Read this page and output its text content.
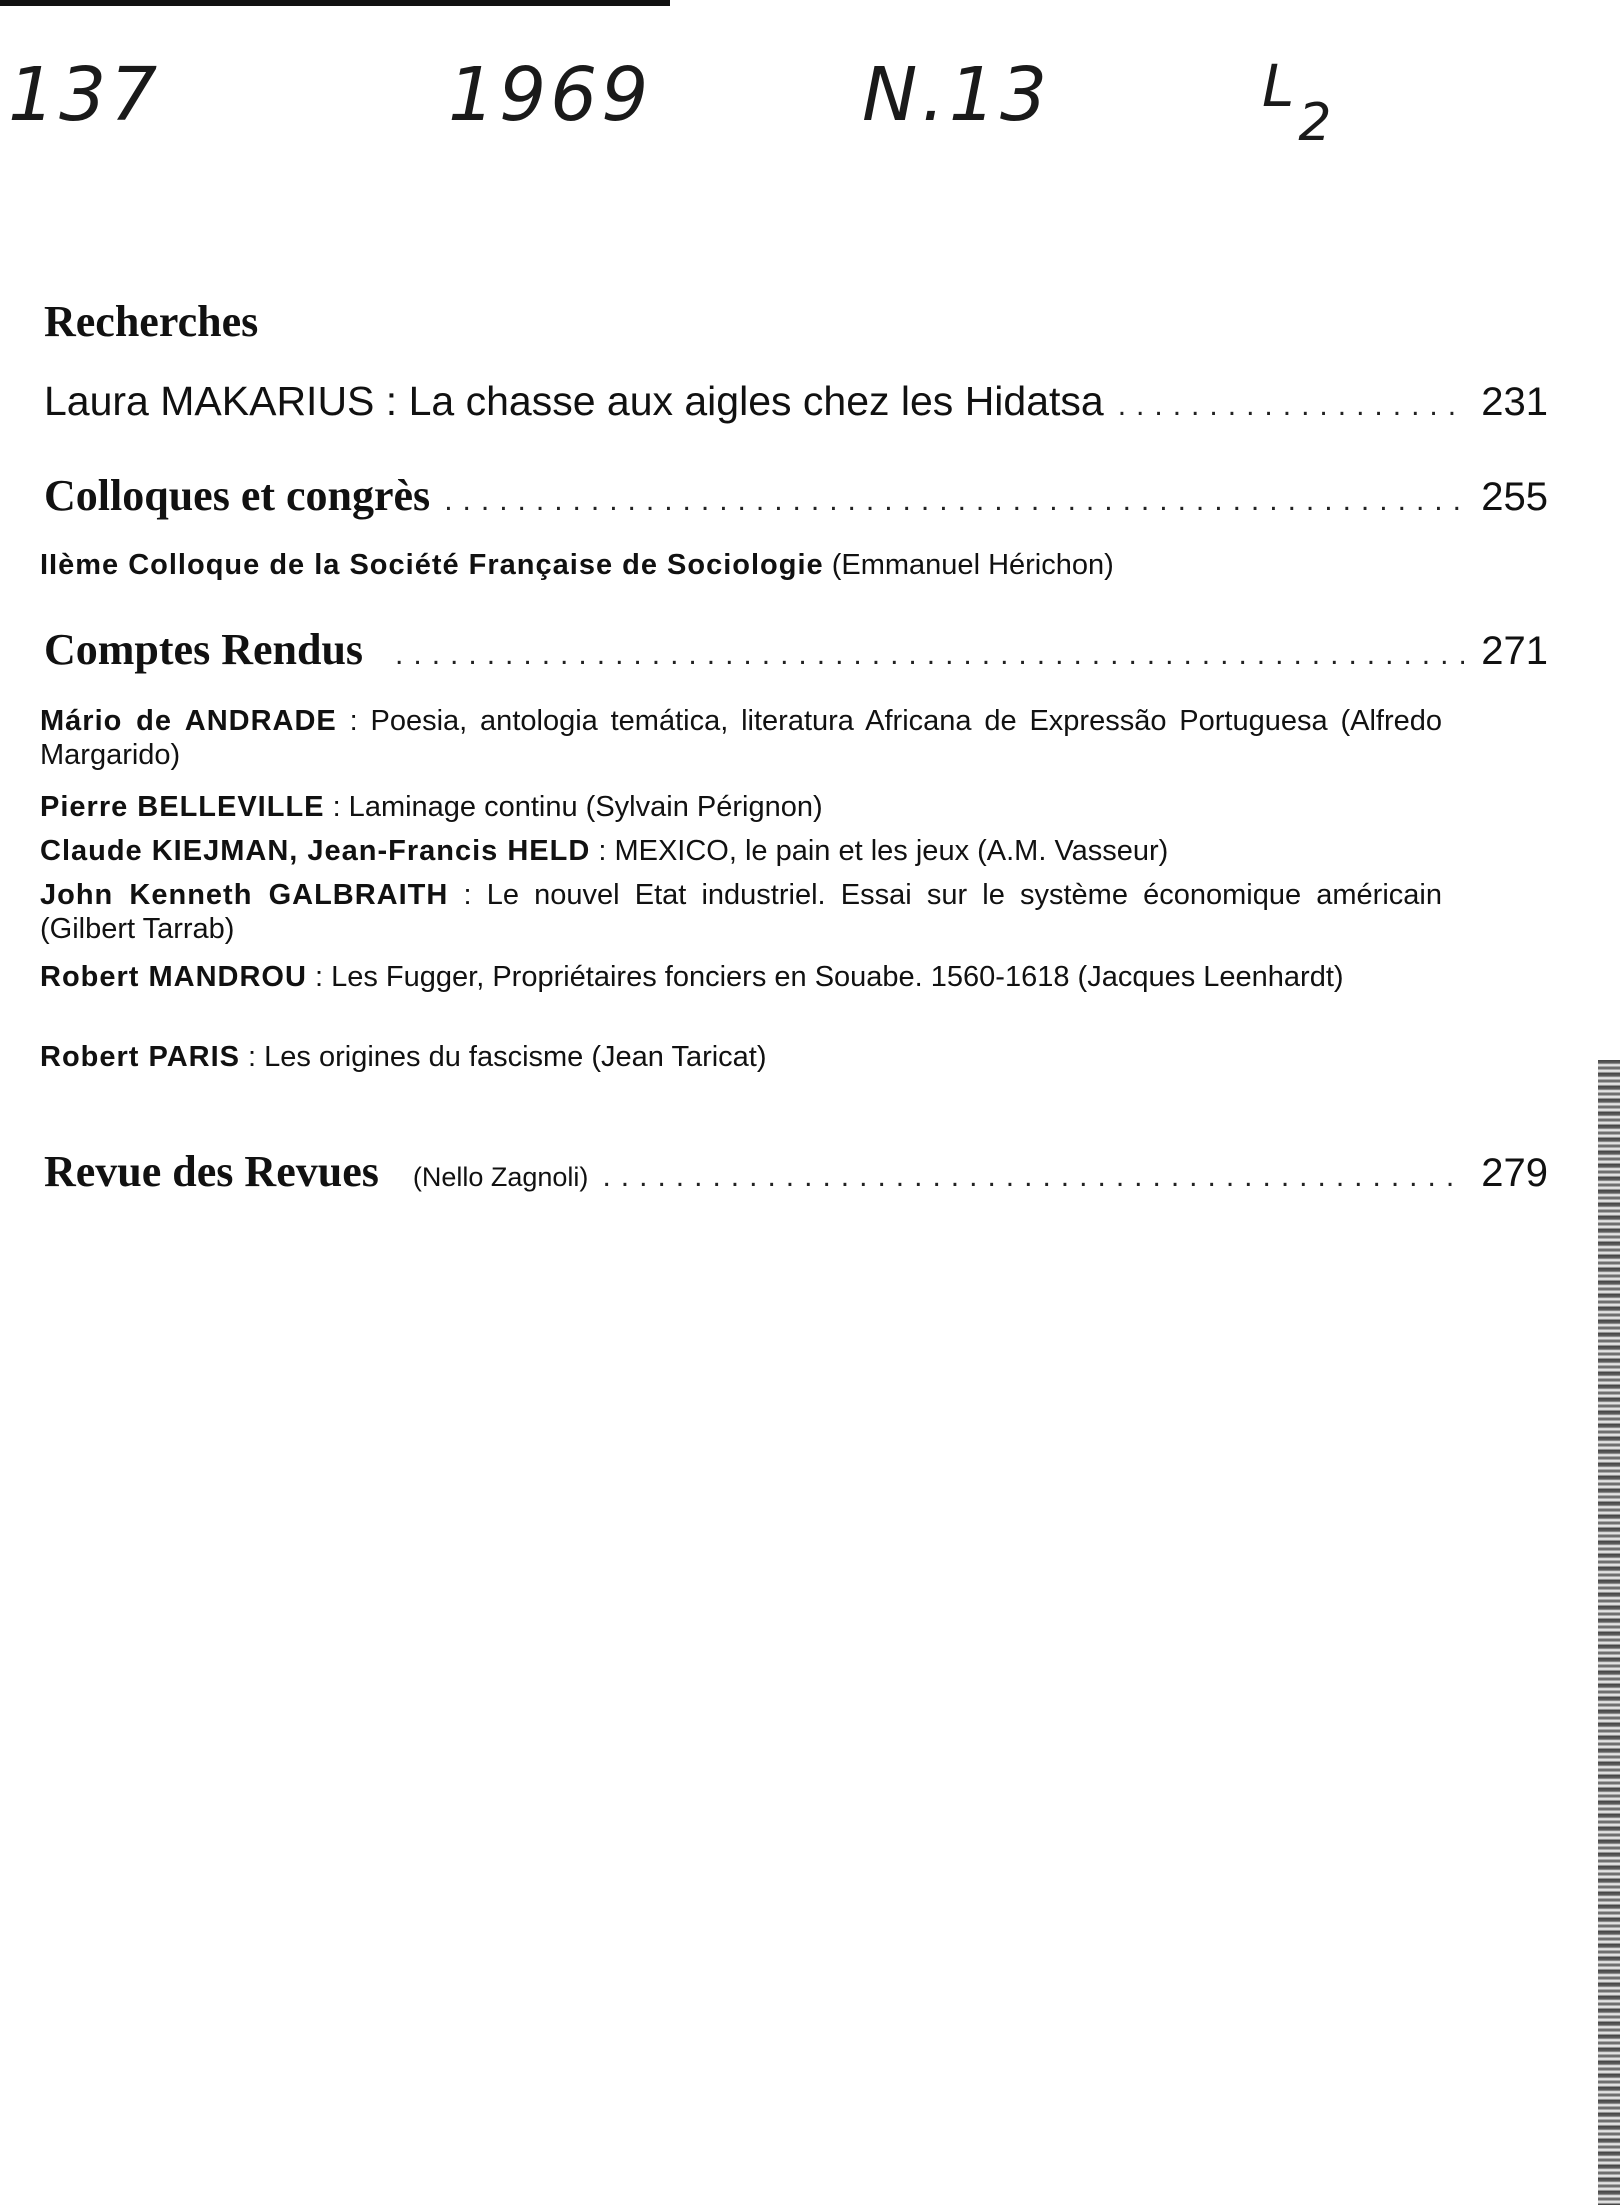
137	1969	N.13	L2
Recherches
Laura MAKARIUS : La chasse aux aigles chez les Hidatsa .....	231
Colloques et congrès .....	255
IIème Colloque de la Société Française de Sociologie (Emmanuel Hérichon)
Comptes Rendus .....	271
Mário de ANDRADE : Poesia, antologia temática, literatura Africana de Expressão Portuguesa (Alfredo Margarido)
Pierre BELLEVILLE : Laminage continu (Sylvain Pérignon)
Claude KIEJMAN, Jean-Francis HELD : MEXICO, le pain et les jeux (A.M. Vasseur)
John Kenneth GALBRAITH : Le nouvel Etat industriel. Essai sur le système économique américain (Gilbert Tarrab)
Robert MANDROU : Les Fugger, Propriétaires fonciers en Souabe. 1560-1618 (Jacques Leenhardt)
Robert PARIS : Les origines du fascisme (Jean Taricat)
Revue des Revues (Nello Zagnoli) .....	279
